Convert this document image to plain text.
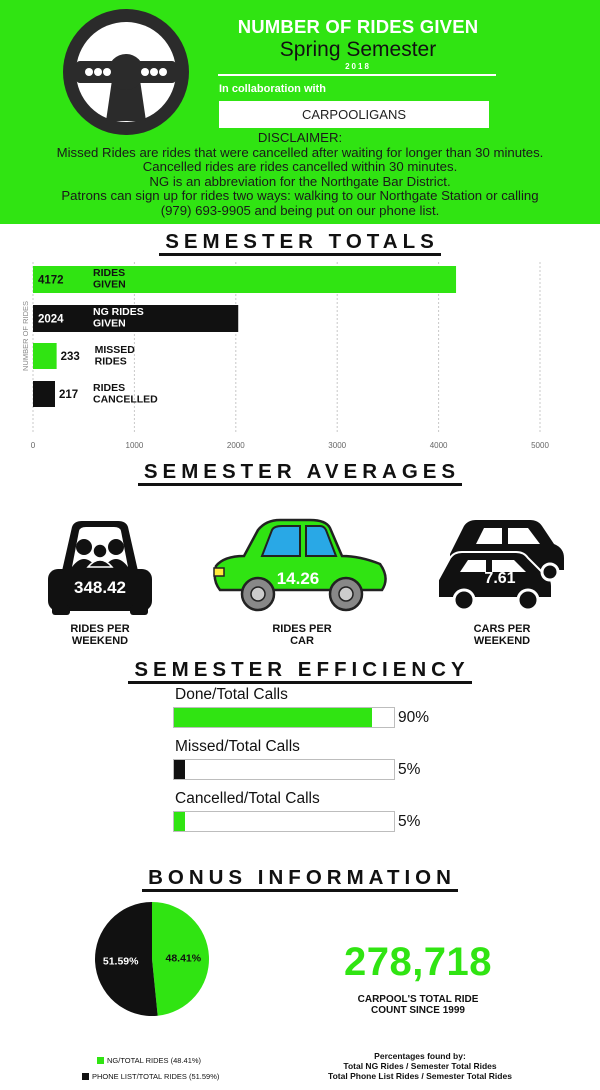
NUMBER OF RIDES GIVEN
Spring Semester
2018
In collaboration with
CARPOOLIGANS
DISCLAIMER:
Missed Rides are rides that were cancelled after waiting for longer than 30 minutes.
Cancelled rides are rides cancelled within 30 minutes.
NG is an abbreviation for the Northgate Bar District.
Patrons can sign up for rides two ways: walking to our Northgate Station or calling
(979) 693-9905 and being put on our phone list.
SEMESTER TOTALS
0	1000	2000	3000	4000	5000
NUMBER OF RIDES
4172
RIDES
GIVEN
2024
NG RIDES
GIVEN
233
MISSED
RIDES
217
RIDES
CANCELLED
SEMESTER AVERAGES
348.42
RIDES PER
WEEKEND
14.26
RIDES PER
CAR
7.61
CARS PER
WEEKEND
SEMESTER EFFICIENCY
Done/Total Calls
90%
Missed/Total Calls
5%
Cancelled/Total Calls
5%
BONUS INFORMATION
48.41%
51.59%	278,718
CARPOOL'S TOTAL RIDE
COUNT SINCE 1999
NG/TOTAL RIDES (48.41%)
PHONE LIST/TOTAL RIDES (51.59%)
Percentages found by:
Total NG Rides / Semester Total Rides
Total Phone List Rides / Semester Total Rides
